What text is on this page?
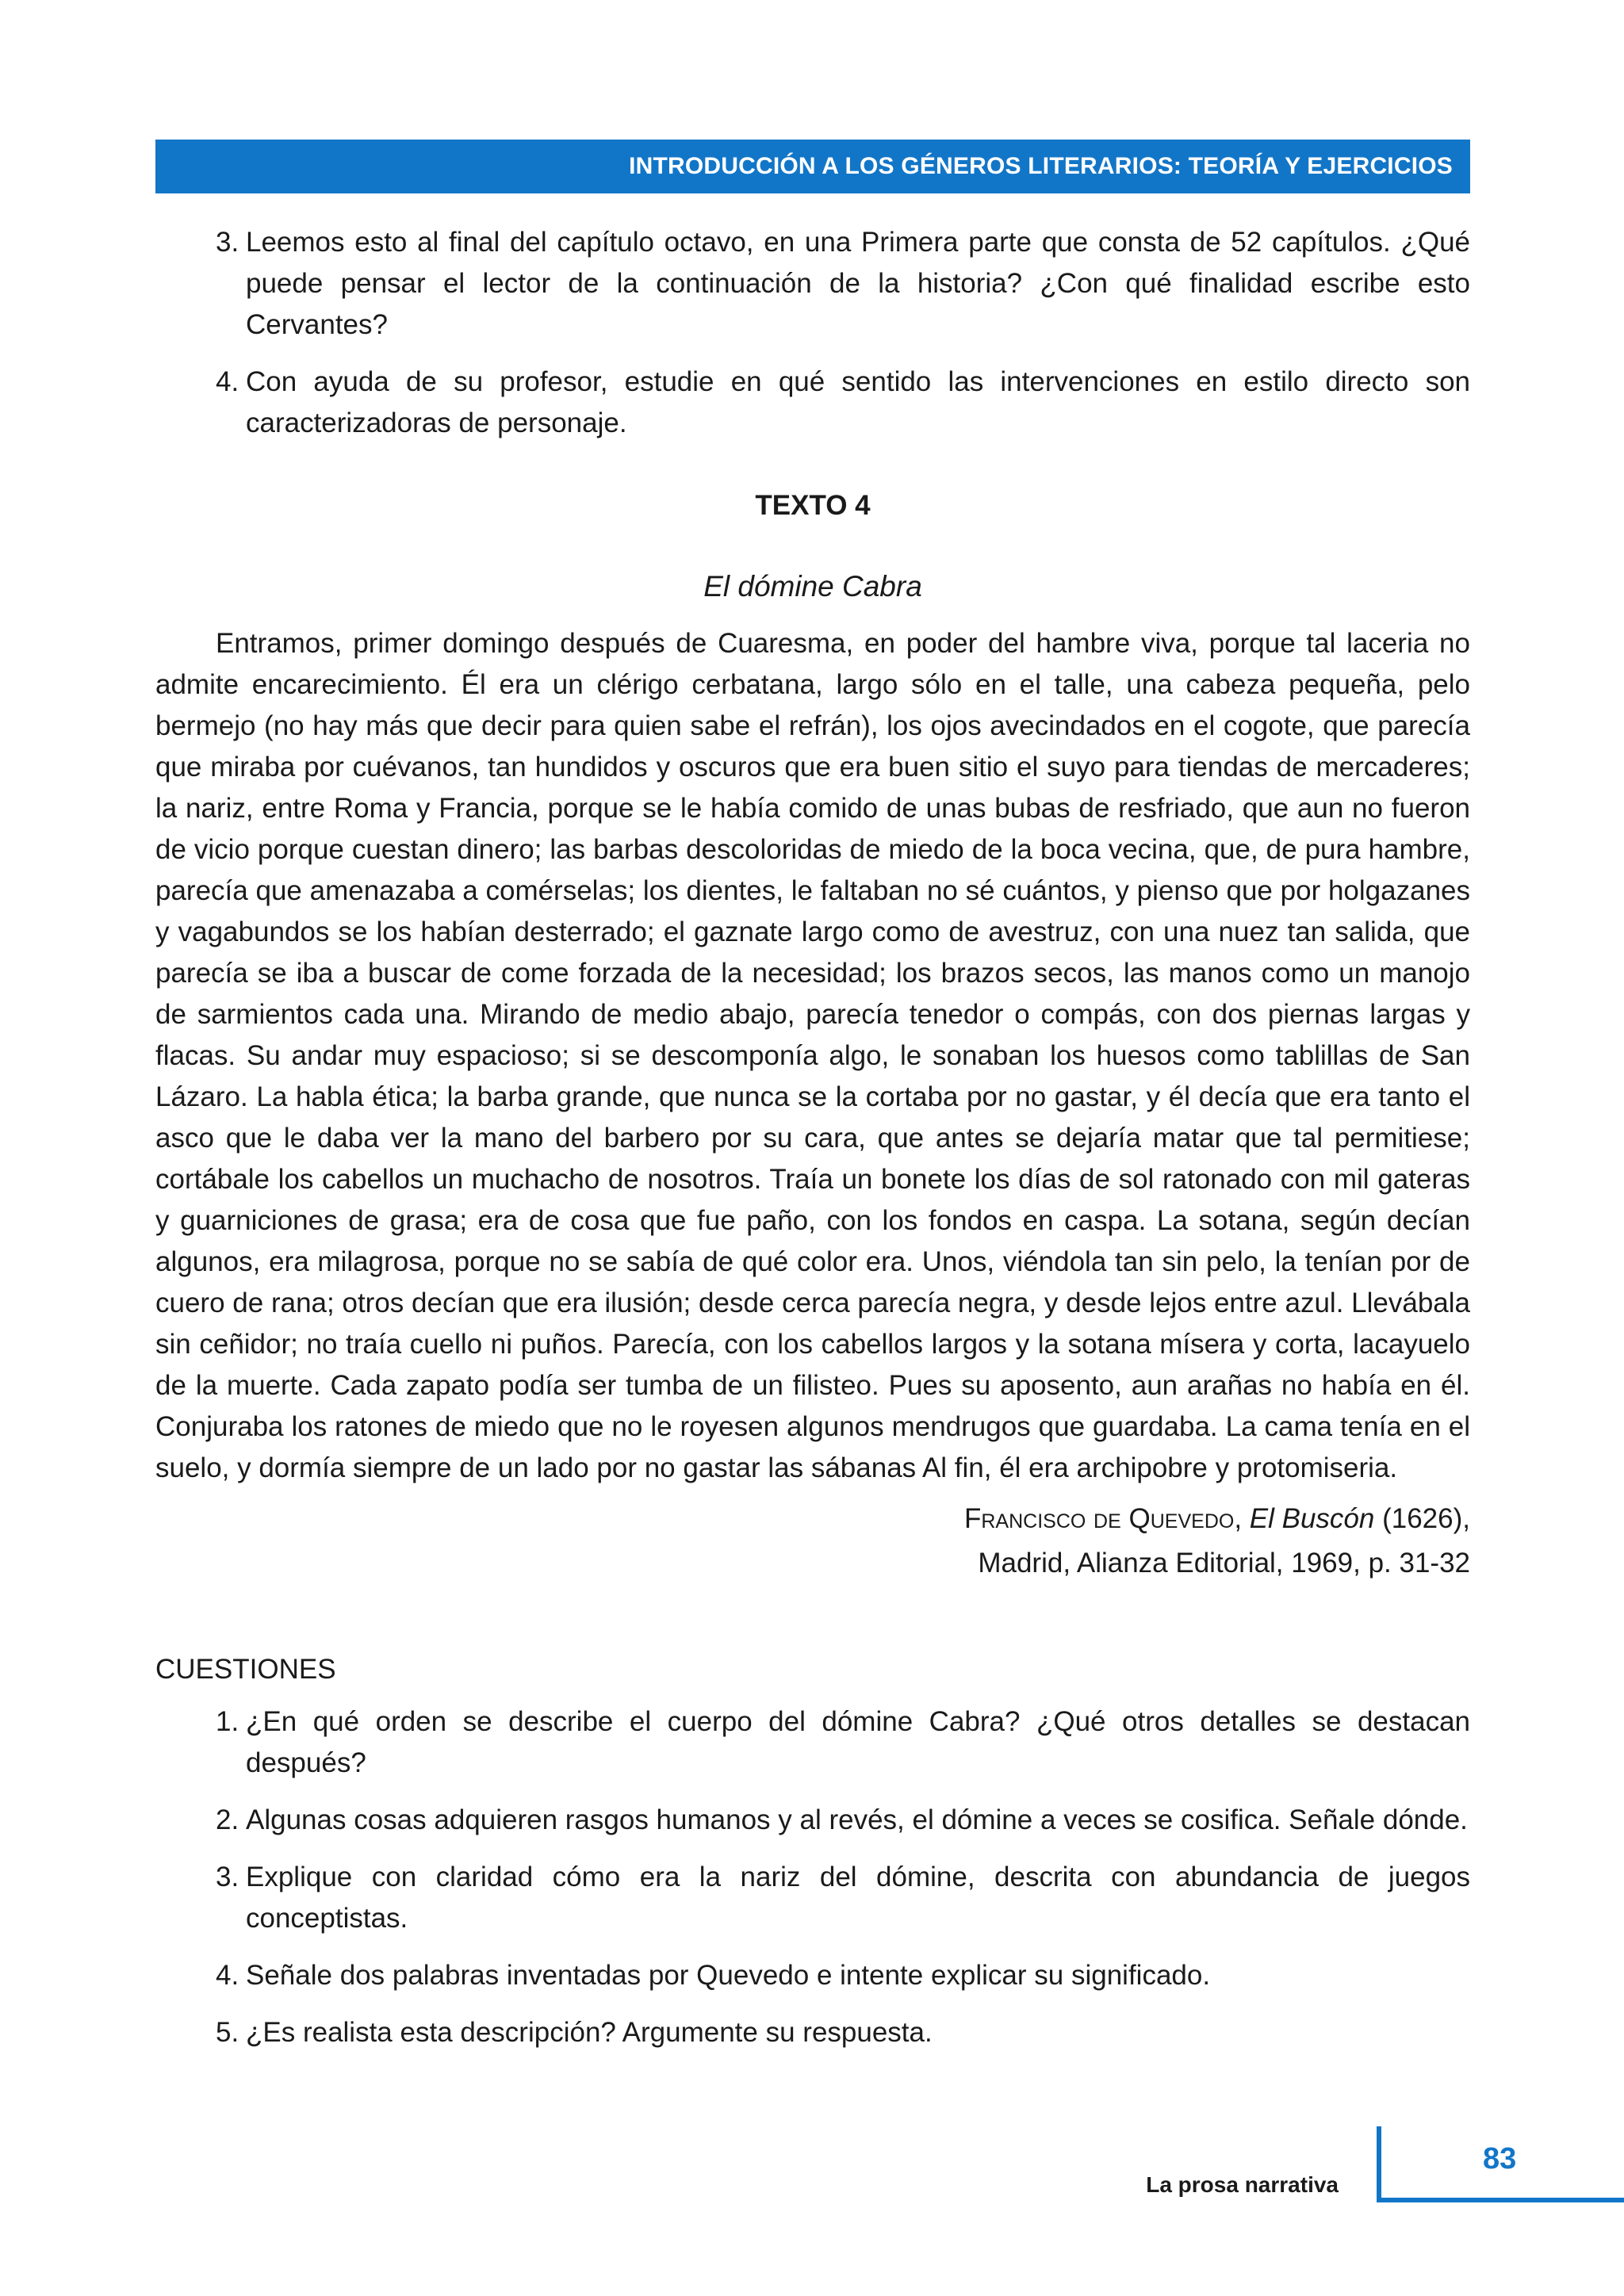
INTRODUCCIÓN A LOS GÉNEROS LITERARIOS: TEORÍA Y EJERCICIOS
3. Leemos esto al final del capítulo octavo, en una Primera parte que consta de 52 capítulos. ¿Qué puede pensar el lector de la continuación de la historia? ¿Con qué finalidad escribe esto Cervantes?
4. Con ayuda de su profesor, estudie en qué sentido las intervenciones en estilo directo son caracterizadoras de personaje.
TEXTO 4
El dómine Cabra

Entramos, primer domingo después de Cuaresma, en poder del hambre viva, porque tal laceria no admite encarecimiento. Él era un clérigo cerbatana, largo sólo en el talle, una cabeza pequeña, pelo bermejo (no hay más que decir para quien sabe el refrán), los ojos avecindados en el cogote, que parecía que miraba por cuévanos, tan hundidos y oscuros que era buen sitio el suyo para tiendas de mercaderes; la nariz, entre Roma y Francia, porque se le había comido de unas bubas de resfriado, que aun no fueron de vicio porque cuestan dinero; las barbas descoloridas de miedo de la boca vecina, que, de pura hambre, parecía que amenazaba a comérselas; los dientes, le faltaban no sé cuántos, y pienso que por holgazanes y vagabundos se los habían desterrado; el gaznate largo como de avestruz, con una nuez tan salida, que parecía se iba a buscar de come forzada de la necesidad; los brazos secos, las manos como un manojo de sarmientos cada una. Mirando de medio abajo, parecía tenedor o compás, con dos piernas largas y flacas. Su andar muy espacioso; si se descomponía algo, le sonaban los huesos como tablillas de San Lázaro. La habla ética; la barba grande, que nunca se la cortaba por no gastar, y él decía que era tanto el asco que le daba ver la mano del barbero por su cara, que antes se dejaría matar que tal permitiese; cortábale los cabellos un muchacho de nosotros. Traía un bonete los días de sol ratonado con mil gateras y guarniciones de grasa; era de cosa que fue paño, con los fondos en caspa. La sotana, según decían algunos, era milagrosa, porque no se sabía de qué color era. Unos, viéndola tan sin pelo, la tenían por de cuero de rana; otros decían que era ilusión; desde cerca parecía negra, y desde lejos entre azul. Llevábala sin ceñidor; no traía cuello ni puños. Parecía, con los cabellos largos y la sotana mísera y corta, lacayuelo de la muerte. Cada zapato podía ser tumba de un filisteo. Pues su aposento, aun arañas no había en él. Conjuraba los ratones de miedo que no le royesen algunos mendrugos que guardaba. La cama tenía en el suelo, y dormía siempre de un lado por no gastar las sábanas Al fin, él era archipobre y protomiseria.

Francisco de Quevedo, El Buscón (1626),
Madrid, Alianza Editorial, 1969, p. 31-32
CUESTIONES
1. ¿En qué orden se describe el cuerpo del dómine Cabra? ¿Qué otros detalles se destacan después?
2. Algunas cosas adquieren rasgos humanos y al revés, el dómine a veces se cosifica. Señale dónde.
3. Explique con claridad cómo era la nariz del dómine, descrita con abundancia de juegos conceptistas.
4. Señale dos palabras inventadas por Quevedo e intente explicar su significado.
5. ¿Es realista esta descripción? Argumente su respuesta.
La prosa narrativa
83
